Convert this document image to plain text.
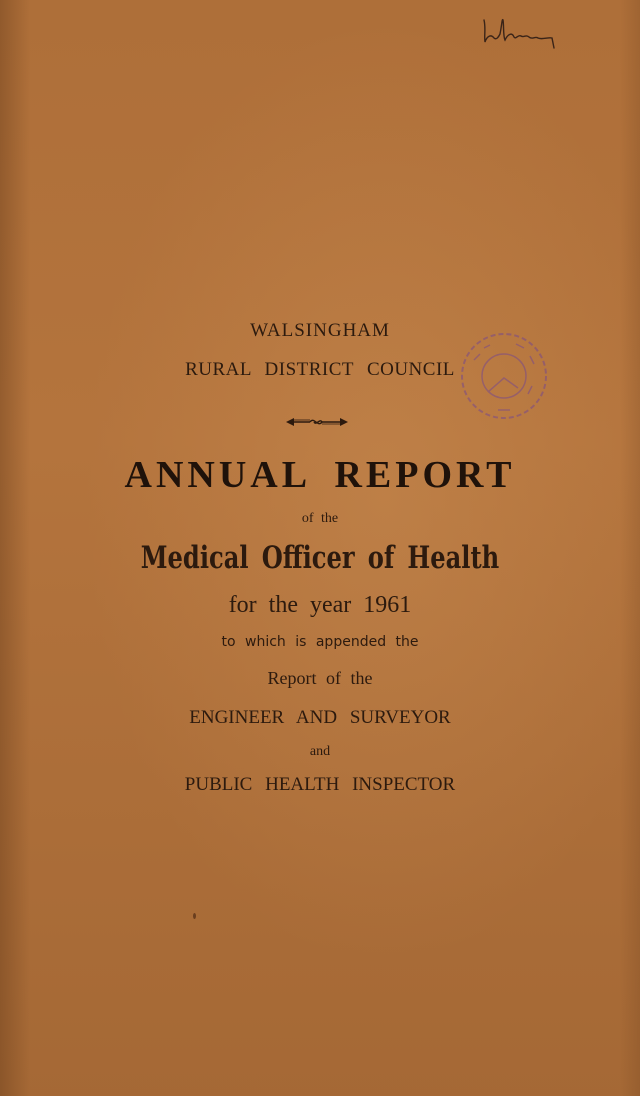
WALSINGHAM
RURAL DISTRICT COUNCIL
ANNUAL REPORT
of the
Medical Officer of Health
for the year 1961
to which is appended the
Report of the
ENGINEER AND SURVEYOR
and
PUBLIC HEALTH INSPECTOR
